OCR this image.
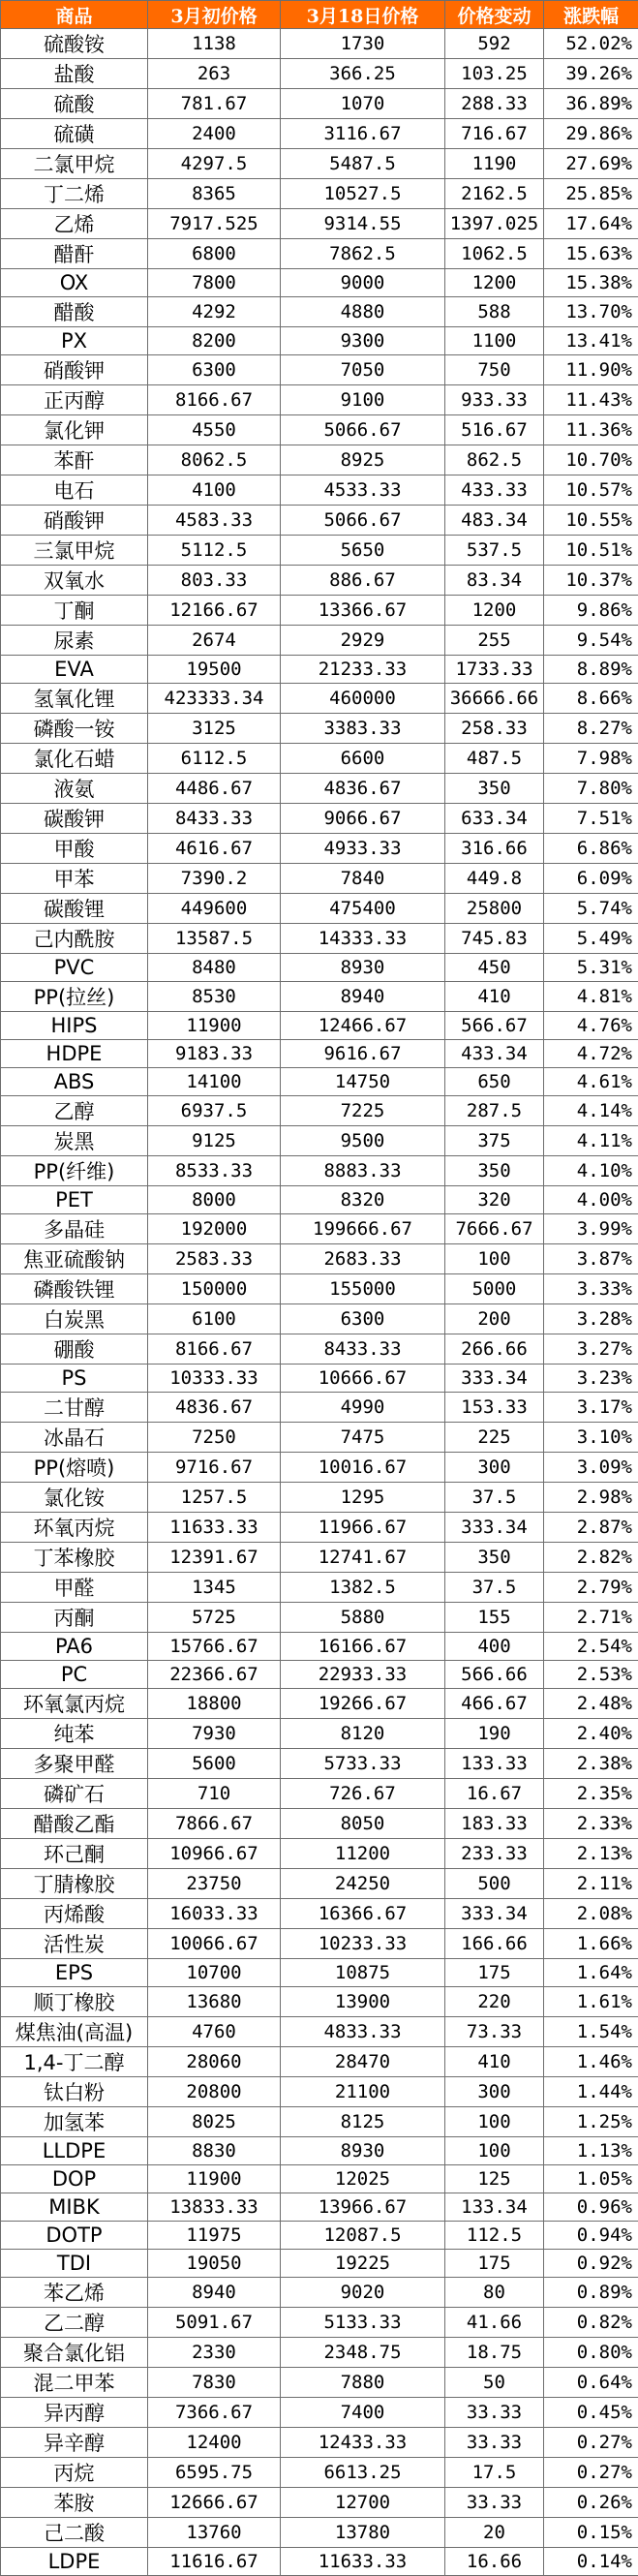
商品	3月初价格	3月18日价格	价格变动	涨跌幅
硫酸铵	1138	1730	592	52.02%
盐酸	263	366.25	103.25	39.26%
硫酸	781.67	1070	288.33	36.89%
硫磺	2400	3116.67	716.67	29.86%
二氯甲烷	4297.5	5487.5	1190	27.69%
丁二烯	8365	10527.5	2162.5	25.85%
乙烯	7917.525	9314.55	1397.025	17.64%
醋酐	6800	7862.5	1062.5	15.63%
OX	7800	9000	1200	15.38%
醋酸	4292	4880	588	13.70%
PX	8200	9300	1100	13.41%
硝酸钾	6300	7050	750	11.90%
正丙醇	8166.67	9100	933.33	11.43%
氯化钾	4550	5066.67	516.67	11.36%
苯酐	8062.5	8925	862.5	10.70%
电石	4100	4533.33	433.33	10.57%
硝酸钾	4583.33	5066.67	483.34	10.55%
三氯甲烷	5112.5	5650	537.5	10.51%
双氧水	803.33	886.67	83.34	10.37%
丁酮	12166.67	13366.67	1200	9.86%
尿素	2674	2929	255	9.54%
EVA	19500	21233.33	1733.33	8.89%
氢氧化锂	423333.34	460000	36666.66	8.66%
磷酸一铵	3125	3383.33	258.33	8.27%
氯化石蜡	6112.5	6600	487.5	7.98%
液氨	4486.67	4836.67	350	7.80%
碳酸钾	8433.33	9066.67	633.34	7.51%
甲酸	4616.67	4933.33	316.66	6.86%
甲苯	7390.2	7840	449.8	6.09%
碳酸锂	449600	475400	25800	5.74%
己内酰胺	13587.5	14333.33	745.83	5.49%
PVC	8480	8930	450	5.31%
PP(拉丝)	8530	8940	410	4.81%
HIPS	11900	12466.67	566.67	4.76%
HDPE	9183.33	9616.67	433.34	4.72%
ABS	14100	14750	650	4.61%
乙醇	6937.5	7225	287.5	4.14%
炭黑	9125	9500	375	4.11%
PP(纤维)	8533.33	8883.33	350	4.10%
PET	8000	8320	320	4.00%
多晶硅	192000	199666.67	7666.67	3.99%
焦亚硫酸钠	2583.33	2683.33	100	3.87%
磷酸铁锂	150000	155000	5000	3.33%
白炭黑	6100	6300	200	3.28%
硼酸	8166.67	8433.33	266.66	3.27%
PS	10333.33	10666.67	333.34	3.23%
二甘醇	4836.67	4990	153.33	3.17%
冰晶石	7250	7475	225	3.10%
PP(熔喷)	9716.67	10016.67	300	3.09%
氯化铵	1257.5	1295	37.5	2.98%
环氧丙烷	11633.33	11966.67	333.34	2.87%
丁苯橡胶	12391.67	12741.67	350	2.82%
甲醛	1345	1382.5	37.5	2.79%
丙酮	5725	5880	155	2.71%
PA6	15766.67	16166.67	400	2.54%
PC	22366.67	22933.33	566.66	2.53%
环氧氯丙烷	18800	19266.67	466.67	2.48%
纯苯	7930	8120	190	2.40%
多聚甲醛	5600	5733.33	133.33	2.38%
磷矿石	710	726.67	16.67	2.35%
醋酸乙酯	7866.67	8050	183.33	2.33%
环己酮	10966.67	11200	233.33	2.13%
丁腈橡胶	23750	24250	500	2.11%
丙烯酸	16033.33	16366.67	333.34	2.08%
活性炭	10066.67	10233.33	166.66	1.66%
EPS	10700	10875	175	1.64%
顺丁橡胶	13680	13900	220	1.61%
煤焦油(高温)	4760	4833.33	73.33	1.54%
1,4-丁二醇	28060	28470	410	1.46%
钛白粉	20800	21100	300	1.44%
加氢苯	8025	8125	100	1.25%
LLDPE	8830	8930	100	1.13%
DOP	11900	12025	125	1.05%
MIBK	13833.33	13966.67	133.34	0.96%
DOTP	11975	12087.5	112.5	0.94%
TDI	19050	19225	175	0.92%
苯乙烯	8940	9020	80	0.89%
乙二醇	5091.67	5133.33	41.66	0.82%
聚合氯化铝	2330	2348.75	18.75	0.80%
混二甲苯	7830	7880	50	0.64%
异丙醇	7366.67	7400	33.33	0.45%
异辛醇	12400	12433.33	33.33	0.27%
丙烷	6595.75	6613.25	17.5	0.27%
苯胺	12666.67	12700	33.33	0.26%
己二酸	13760	13780	20	0.15%
LDPE	11616.67	11633.33	16.66	0.14%
